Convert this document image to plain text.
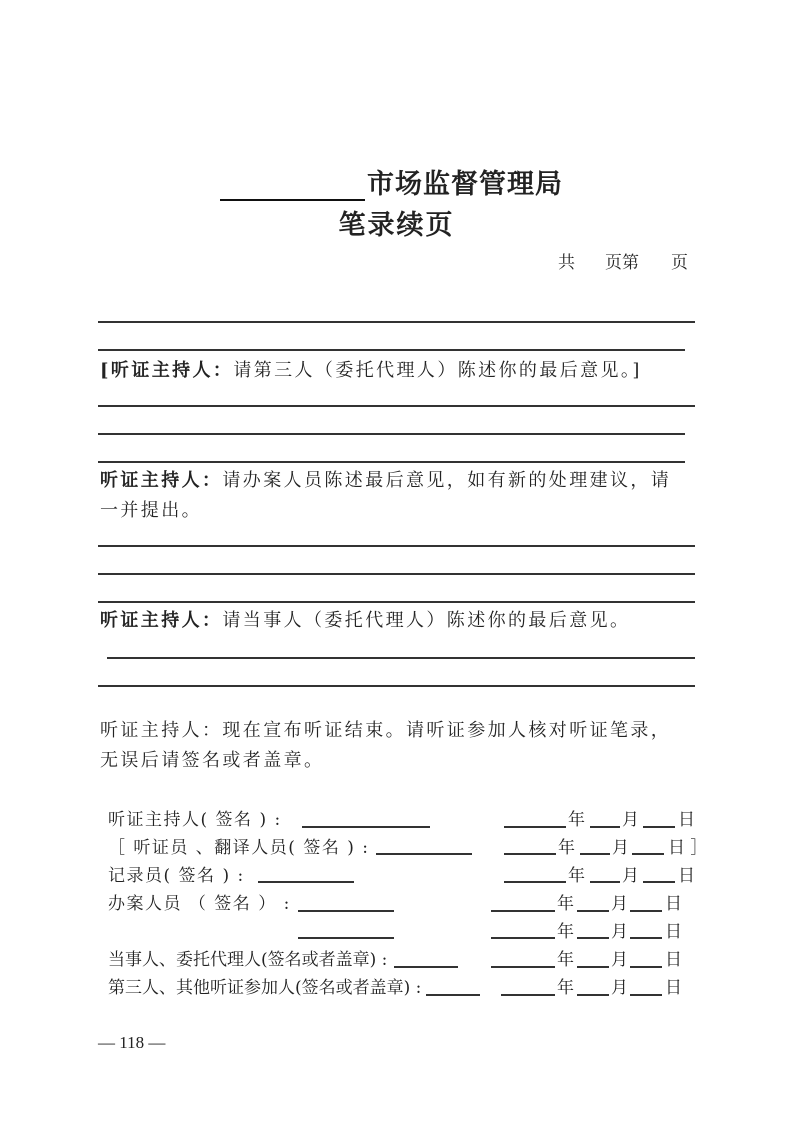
市场监督管理局
笔录续页
共 页第 页
[听证主持人：请第三人（委托代理人）陈述你的最后意见。]
听证主持人：请办案人员陈述最后意见，如有新的处理建议，请
一并提出。
听证主持人：请当事人（委托代理人）陈述你的最后意见。
听证主持人：现在宣布听证结束。请听证参加人核对听证笔录，
无误后请签名或者盖章。
听证主持人( 签名 ) :
［ 听证员 、翻译人员( 签名 ) :
记录员( 签名 ) :
办案人员 （ 签名 ） :
当事人、委托代理人(签名或者盖章) :
第三人、其他听证参加人(签名或者盖章) :
年 月 日
年 月 日 ］
年 月 日
年 月 日
年 月 日
年 月 日
年 月 日
— 118 —
